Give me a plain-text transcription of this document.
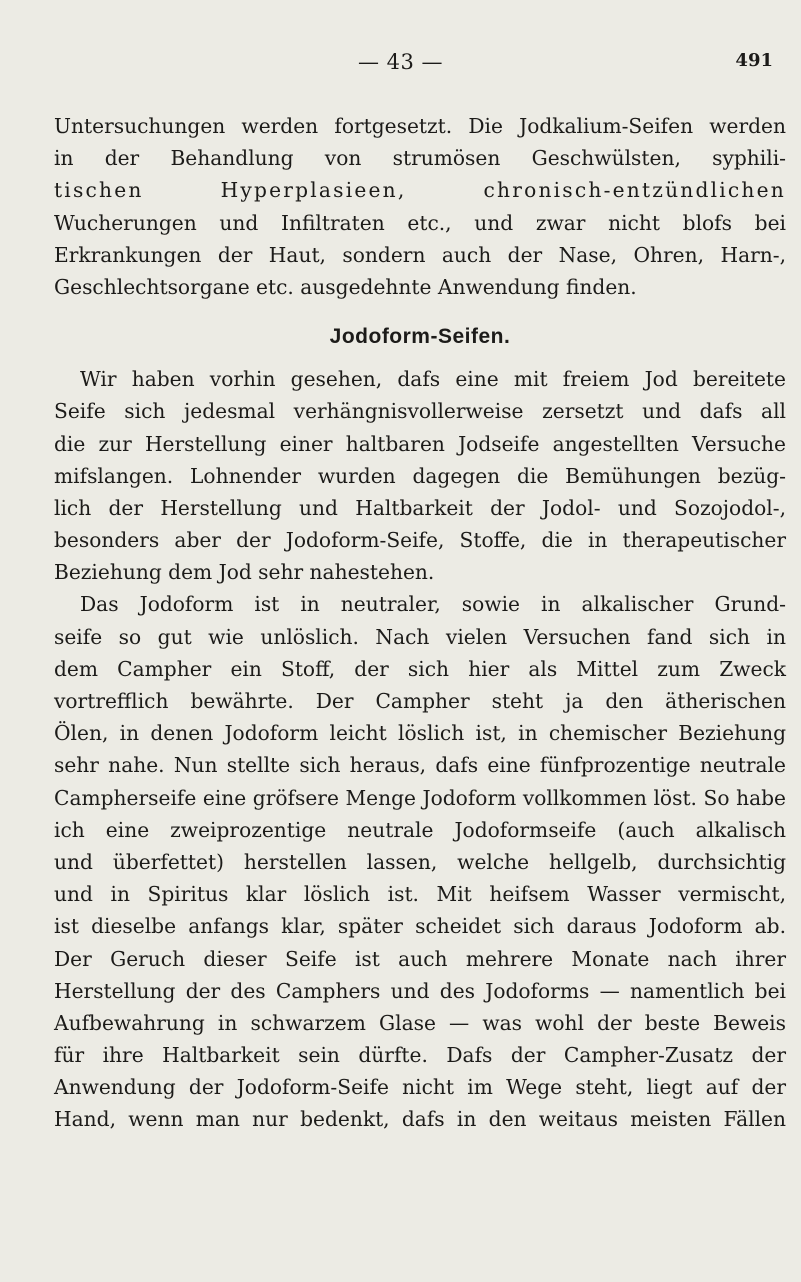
— 43 —	491
Untersuchungen werden fortgesetzt. Die Jodkalium-Seifen werden
in der Behandlung von strumösen Geschwülsten, syphili-
tischen Hyperplasieen, chronisch-entzündlichen
Wucherungen und Infiltraten etc., und zwar nicht blofs bei
Erkrankungen der Haut, sondern auch der Nase, Ohren, Harn-,
Geschlechtsorgane etc. ausgedehnte Anwendung finden.
Jodoform-Seifen.
Wir haben vorhin gesehen, dafs eine mit freiem Jod bereitete
Seife sich jedesmal verhängnisvollerweise zersetzt und dafs all
die zur Herstellung einer haltbaren Jodseife angestellten Versuche
mifslangen. Lohnender wurden dagegen die Bemühungen bezüg-
lich der Herstellung und Haltbarkeit der Jodol- und Sozojodol-,
besonders aber der Jodoform-Seife, Stoffe, die in therapeutischer
Beziehung dem Jod sehr nahestehen.
Das Jodoform ist in neutraler, sowie in alkalischer Grund-
seife so gut wie unlöslich. Nach vielen Versuchen fand sich in
dem Campher ein Stoff, der sich hier als Mittel zum Zweck
vortrefflich bewährte. Der Campher steht ja den ätherischen
Ölen, in denen Jodoform leicht löslich ist, in chemischer Beziehung
sehr nahe. Nun stellte sich heraus, dafs eine fünfprozentige neutrale
Campherseife eine gröfsere Menge Jodoform vollkommen löst. So habe
ich eine zweiprozentige neutrale Jodoformseife (auch alkalisch
und überfettet) herstellen lassen, welche hellgelb, durchsichtig
und in Spiritus klar löslich ist. Mit heifsem Wasser vermischt,
ist dieselbe anfangs klar, später scheidet sich daraus Jodoform ab.
Der Geruch dieser Seife ist auch mehrere Monate nach ihrer
Herstellung der des Camphers und des Jodoforms — namentlich bei
Aufbewahrung in schwarzem Glase — was wohl der beste Beweis
für ihre Haltbarkeit sein dürfte. Dafs der Campher-Zusatz der
Anwendung der Jodoform-Seife nicht im Wege steht, liegt auf der
Hand, wenn man nur bedenkt, dafs in den weitaus meisten Fällen
